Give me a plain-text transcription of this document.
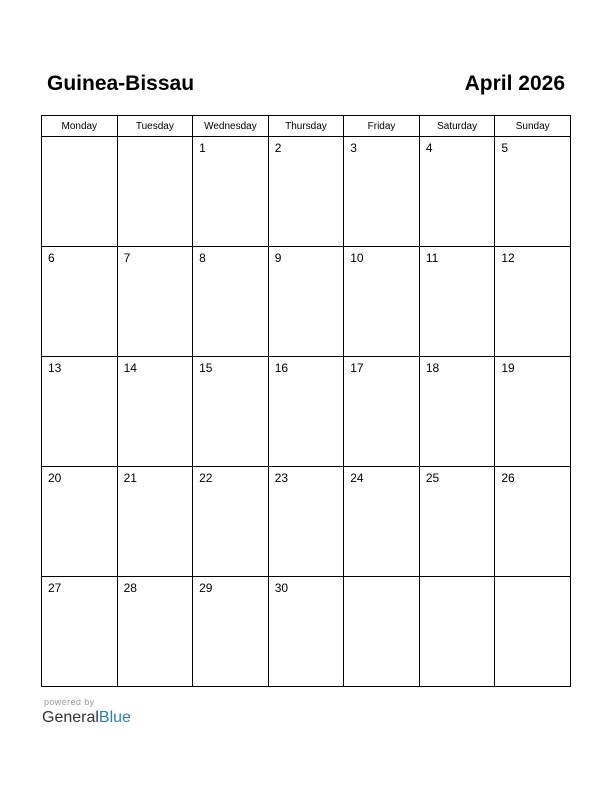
Guinea-Bissau	April 2026
Monday	Tuesday	Wednesday	Thursday	Friday	Saturday	Sunday
		1	2	3	4	5
6	7	8	9	10	11	12
13	14	15	16	17	18	19
20	21	22	23	24	25	26
27	28	29	30			
powered by
GeneralBlue
